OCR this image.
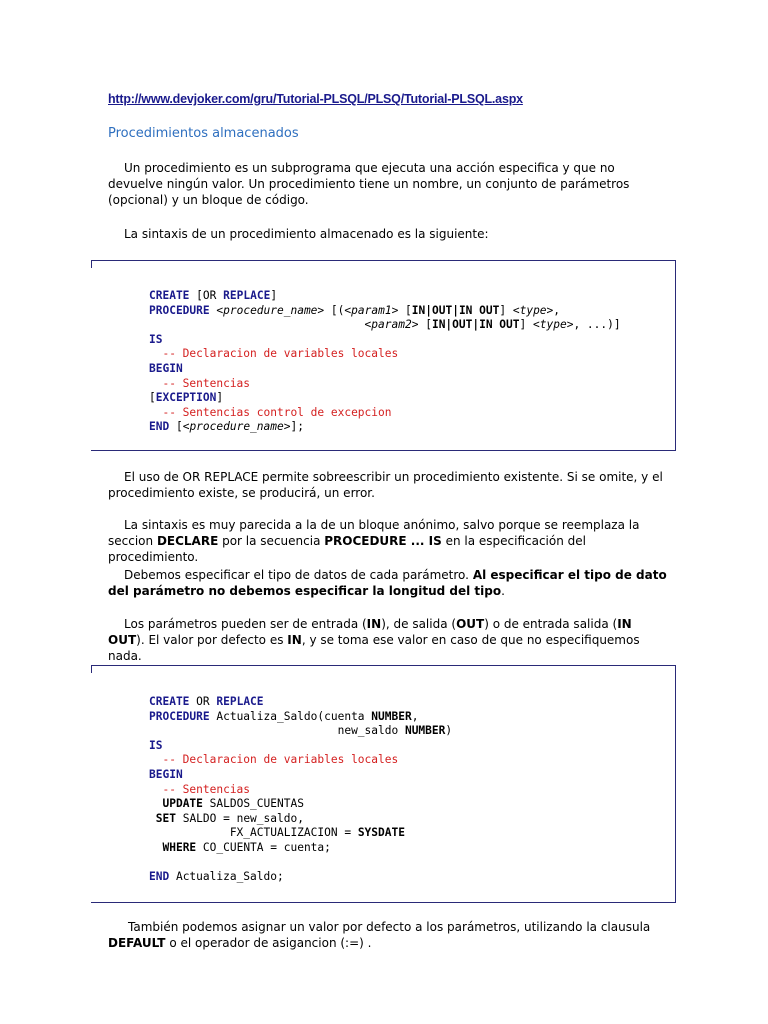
http://www.devjoker.com/gru/Tutorial-PLSQL/PLSQ/Tutorial-PLSQL.aspx
Procedimientos almacenados
Un procedimiento es un subprograma que ejecuta una acción especifica y que no devuelve ningún valor. Un procedimiento tiene un nombre, un conjunto de parámetros (opcional) y un bloque de código.
La sintaxis de un procedimiento almacenado es la siguiente:
CREATE [OR REPLACE]
PROCEDURE <procedure_name> [(<param1> [IN|OUT|IN OUT] <type>,
<param2> [IN|OUT|IN OUT] <type>, ...)]
IS
-- Declaracion de variables locales
BEGIN
-- Sentencias
[EXCEPTION]
-- Sentencias control de excepcion
END [<procedure_name>];
El uso de OR REPLACE permite sobreescribir un procedimiento existente. Si se omite, y el procedimiento existe, se producirá, un error.
La sintaxis es muy parecida a la de un bloque anónimo, salvo porque se reemplaza la seccion DECLARE por la secuencia PROCEDURE ... IS en la especificación del procedimiento.
Debemos especificar el tipo de datos de cada parámetro. Al especificar el tipo de dato del parámetro no debemos especificar la longitud del tipo.
Los parámetros pueden ser de entrada (IN), de salida (OUT) o de entrada salida (IN OUT). El valor por defecto es IN, y se toma ese valor en caso de que no especifiquemos nada.
CREATE OR REPLACE
PROCEDURE Actualiza_Saldo(cuenta NUMBER,
new_saldo NUMBER)
IS
-- Declaracion de variables locales
BEGIN
-- Sentencias
UPDATE SALDOS_CUENTAS
SET SALDO = new_saldo,
FX_ACTUALIZACION = SYSDATE
WHERE CO_CUENTA = cuenta;

END Actualiza_Saldo;
También podemos asignar un valor por defecto a los parámetros, utilizando la clausula DEFAULT o el operador de asigancion (:=) .
